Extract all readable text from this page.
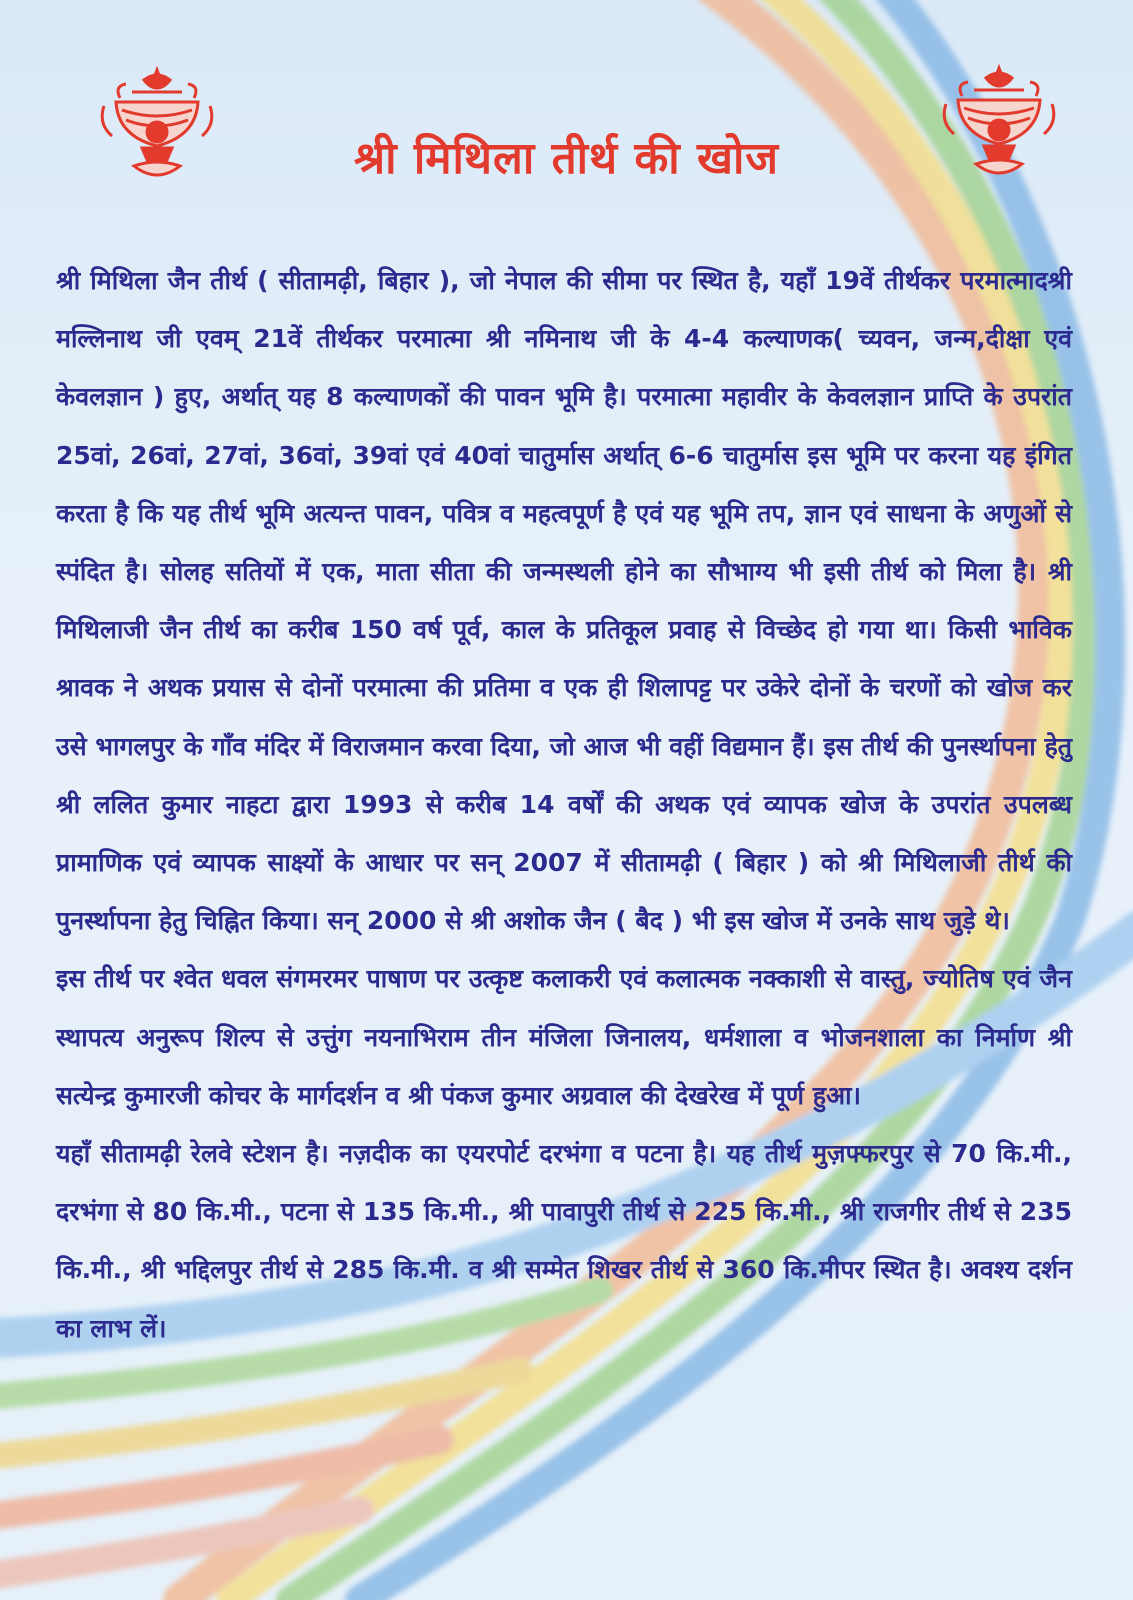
श्री मिथिला तीर्थ की खोज

श्री मिथिला जैन तीर्थ ( सीतामढ़ी, बिहार ), जो नेपाल की सीमा पर स्थित है, यहाँ 19वें तीर्थकर परमात्मादश्री मल्लिनाथ जी एवम् 21वें तीर्थकर परमात्मा श्री नमिनाथ जी के 4-4 कल्याणक( च्यवन, जन्म,दीक्षा एवं केवलज्ञान ) हुए, अर्थात् यह 8 कल्याणकों की पावन भूमि है। परमात्मा महावीर के केवलज्ञान प्राप्ति के उपरांत 25वां, 26वां, 27वां, 36वां, 39वां एवं 40वां चातुर्मास अर्थात् 6-6 चातुर्मास इस भूमि पर करना यह इंगित करता है कि यह तीर्थ भूमि अत्यन्त पावन, पवित्र व महत्वपूर्ण है एवं यह भूमि तप, ज्ञान एवं साधना के अणुओं से स्पंदित है। सोलह सतियों में एक, माता सीता की जन्मस्थली होने का सौभाग्य भी इसी तीर्थ को मिला है। श्री मिथिलाजी जैन तीर्थ का करीब 150 वर्ष पूर्व, काल के प्रतिकूल प्रवाह से विच्छेद हो गया था। किसी भाविक श्रावक ने अथक प्रयास से दोनों परमात्मा की प्रतिमा व एक ही शिलापट्ट पर उकेरे दोनों के चरणों को खोज कर उसे भागलपुर के गाँव मंदिर में विराजमान करवा दिया, जो आज भी वहीं विद्यमान हैं। इस तीर्थ की पुनर्स्थापना हेतु श्री ललित कुमार नाहटा द्वारा 1993 से करीब 14 वर्षों की अथक एवं व्यापक खोज के उपरांत उपलब्ध प्रामाणिक एवं व्यापक साक्ष्यों के आधार पर सन् 2007 में सीतामढ़ी ( बिहार ) को श्री मिथिलाजी तीर्थ की पुनर्स्थापना हेतु चिह्नित किया। सन् 2000 से श्री अशोक जैन ( बैद ) भी इस खोज में उनके साथ जुड़े थे।

इस तीर्थ पर श्वेत धवल संगमरमर पाषाण पर उत्कृष्ट कलाकरी एवं कलात्मक नक्काशी से वास्तु, ज्योतिष एवं जैन स्थापत्य अनुरूप शिल्प से उत्तुंग नयनाभिराम तीन मंजिला जिनालय, धर्मशाला व भोजनशाला का निर्माण श्री सत्येन्द्र कुमारजी कोचर के मार्गदर्शन व श्री पंकज कुमार अग्रवाल की देखरेख में पूर्ण हुआ।

यहाँ सीतामढ़ी रेलवे स्टेशन है। नज़दीक का एयरपोर्ट दरभंगा व पटना है। यह तीर्थ मुज़फ्फरपुर से 70 कि.मी., दरभंगा से 80 कि.मी., पटना से 135 कि.मी., श्री पावापुरी तीर्थ से 225 कि.मी., श्री राजगीर तीर्थ से 235 कि.मी., श्री भद्दिलपुर तीर्थ से 285 कि.मी. व श्री सम्मेत शिखर तीर्थ से 360 कि.मीपर स्थित है। अवश्य दर्शन का लाभ लें।
